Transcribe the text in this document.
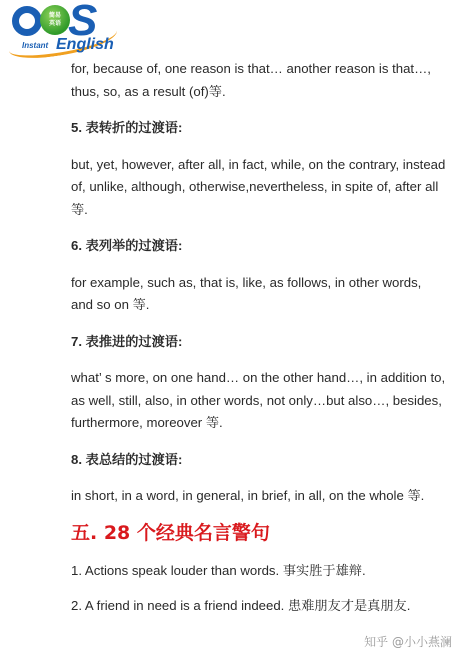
简易
英语 S
Instant English

for, because of, one reason is that… another reason is that…, thus, so, as a result (of)等.

5. 表转折的过渡语:

but, yet, however, after all, in fact, while, on the contrary, instead of, unlike, although, otherwise,nevertheless, in spite of, after all 等.

6. 表列举的过渡语:

for example, such as, that is, like, as follows, in other words, and so on 等.

7. 表推进的过渡语:

what’ s more, on one hand… on the other hand…, in addition to, as well, still, also, in other words, not only…but also…, besides, furthermore, moreover 等.

8. 表总结的过渡语:

in short, in a word, in general, in brief, in all, on the whole 等.

五. 28 个经典名言警句

1. Actions speak louder than words. 事实胜于雄辩.

2. A friend in need is a friend indeed. 患难朋友才是真朋友.

知乎 @小小燕澜
